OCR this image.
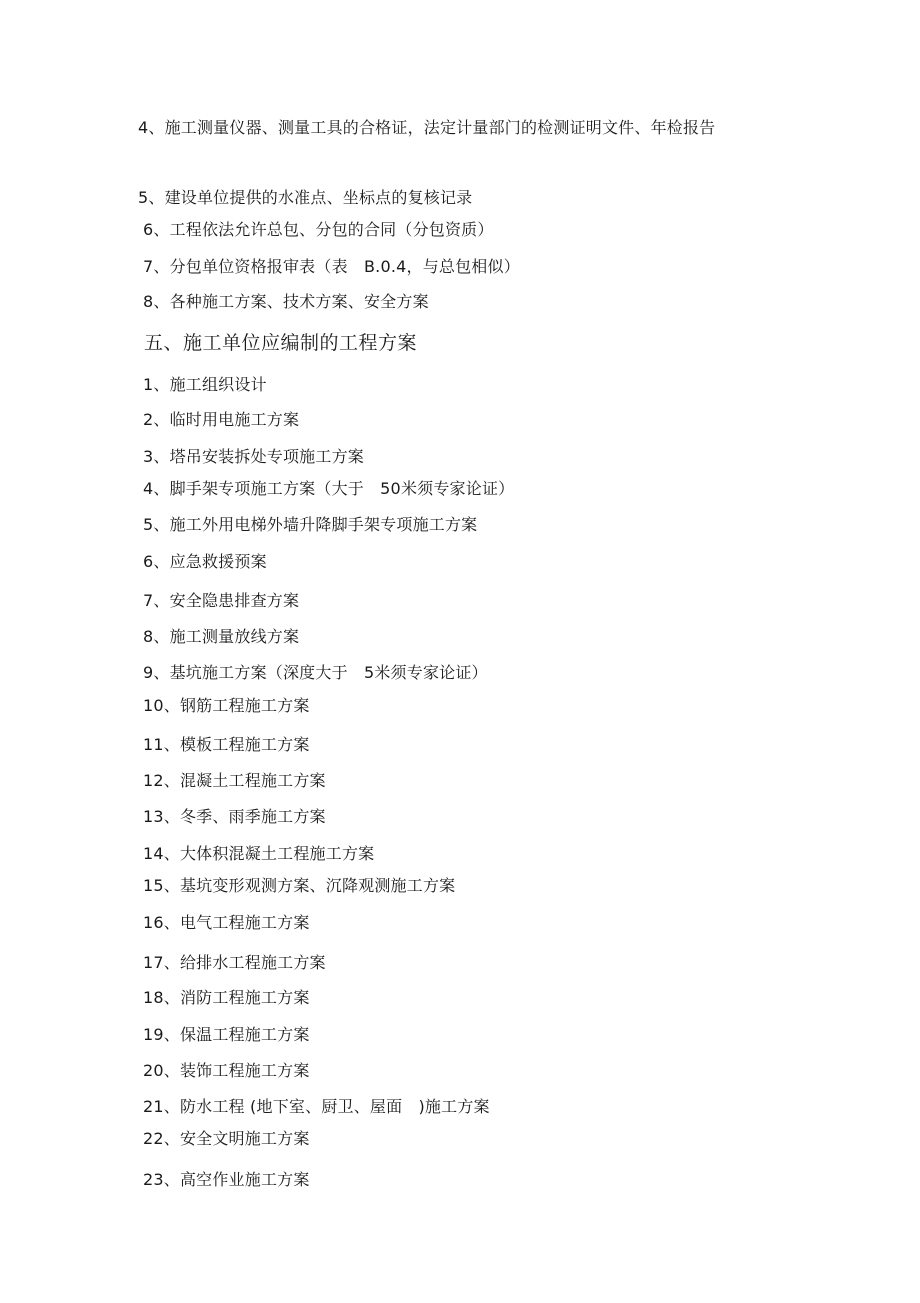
4、施工测量仪器、测量工具的合格证，法定计量部门的检测证明文件、年检报告
5、建设单位提供的水准点、坐标点的复核记录
6、工程依法允许总包、分包的合同（分包资质）
7、分包单位资格报审表（表　B.0.4，与总包相似）
8、各种施工方案、技术方案、安全方案
五、施工单位应编制的工程方案
1、施工组织设计
2、临时用电施工方案
3、塔吊安装拆处专项施工方案
4、脚手架专项施工方案（大于　50米须专家论证）
5、施工外用电梯外墙升降脚手架专项施工方案
6、应急救援预案
7、安全隐患排查方案
8、施工测量放线方案
9、基坑施工方案（深度大于　5米须专家论证）
10、钢筋工程施工方案
11、模板工程施工方案
12、混凝土工程施工方案
13、冬季、雨季施工方案
14、大体积混凝土工程施工方案
15、基坑变形观测方案、沉降观测施工方案
16、电气工程施工方案
17、给排水工程施工方案
18、消防工程施工方案
19、保温工程施工方案
20、装饰工程施工方案
21、防水工程 (地下室、厨卫、屋面　)施工方案
22、安全文明施工方案
23、高空作业施工方案
